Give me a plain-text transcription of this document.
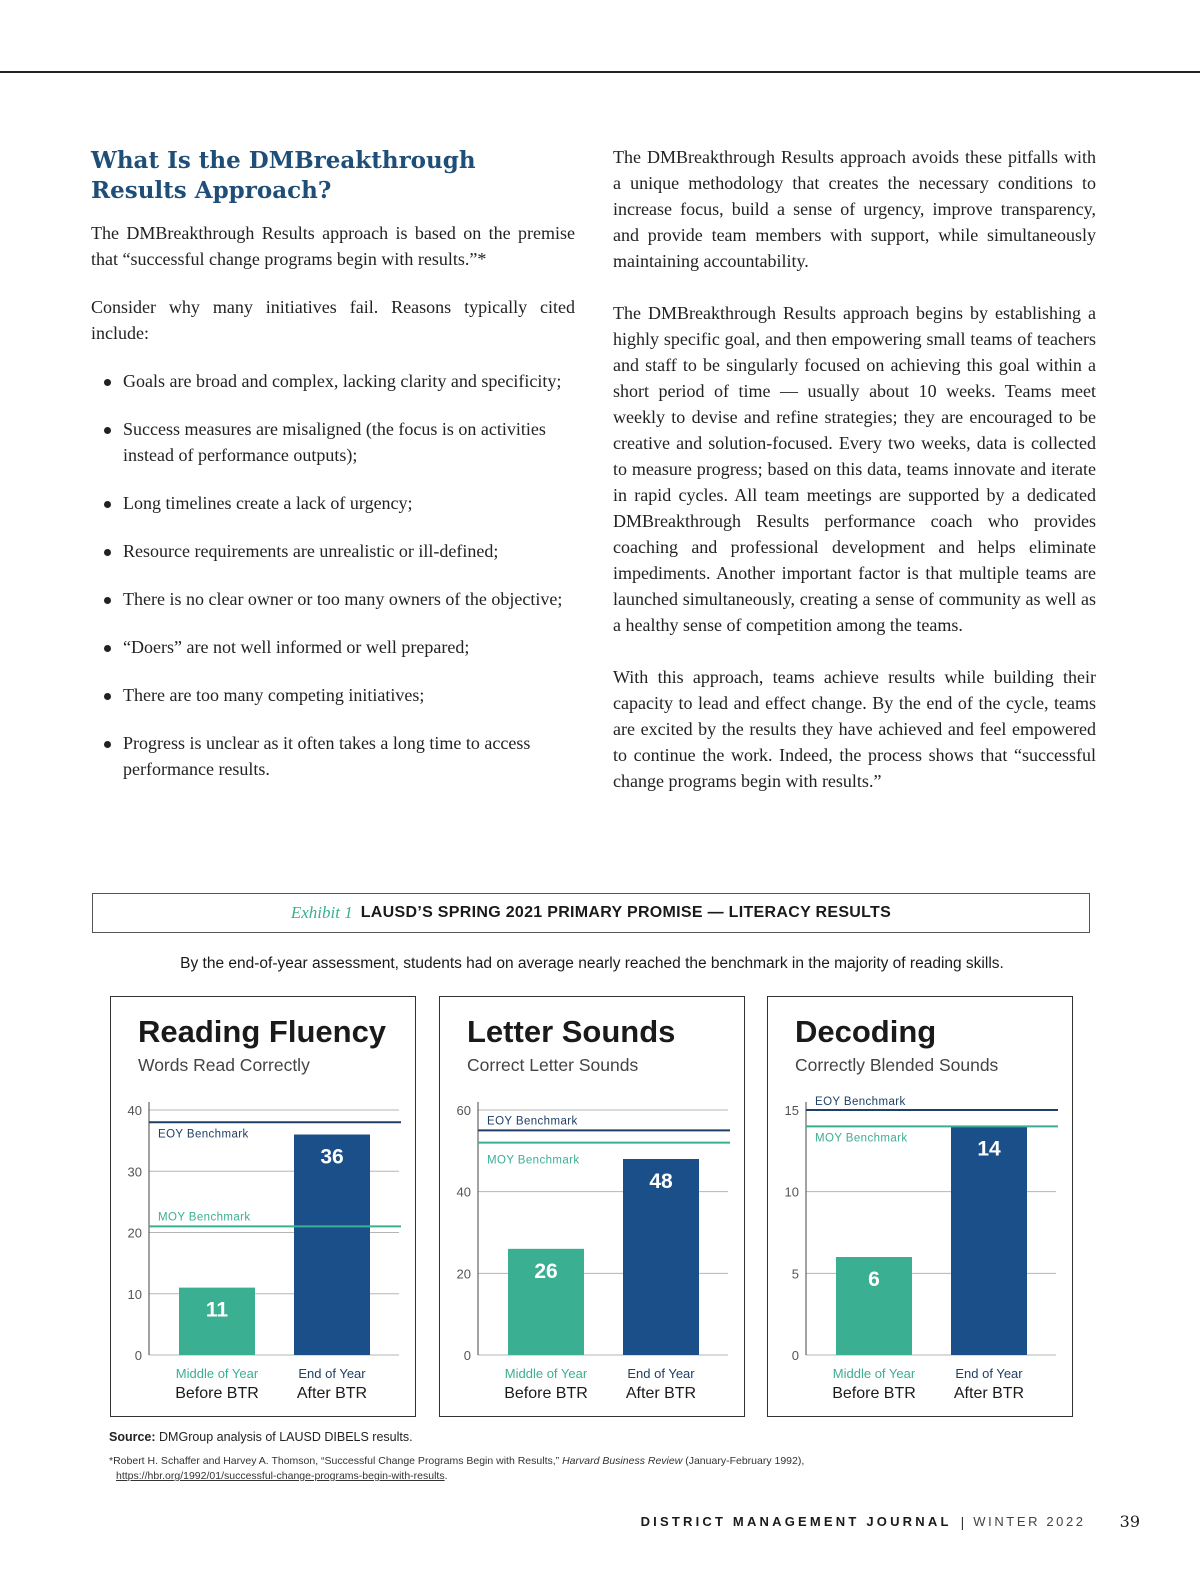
What Is the DMBreakthrough Results Approach?

The DMBreakthrough Results approach is based on the premise that “successful change programs begin with results.”*

Consider why many initiatives fail. Reasons typically cited include:

Goals are broad and complex, lacking clarity and specificity;
Success measures are misaligned (the focus is on activities instead of performance outputs);
Long timelines create a lack of urgency;
Resource requirements are unrealistic or ill-defined;
There is no clear owner or too many owners of the objective;
“Doers” are not well informed or well prepared;
There are too many competing initiatives;
Progress is unclear as it often takes a long time to access performance results.

The DMBreakthrough Results approach avoids these pitfalls with a unique methodology that creates the necessary conditions to increase focus, build a sense of urgency, improve transparency, and provide team members with support, while simultaneously maintaining accountability.

The DMBreakthrough Results approach begins by establishing a highly specific goal, and then empowering small teams of teachers and staff to be singularly focused on achieving this goal within a short period of time — usually about 10 weeks. Teams meet weekly to devise and refine strategies; they are encouraged to be creative and solution-focused. Every two weeks, data is collected to measure progress; based on this data, teams innovate and iterate in rapid cycles. All team meetings are supported by a dedicated DMBreakthrough Results performance coach who provides coaching and professional development and helps eliminate impediments. Another important factor is that multiple teams are launched simultaneously, creating a sense of community as well as a healthy sense of competition among the teams.

With this approach, teams achieve results while building their capacity to lead and effect change. By the end of the cycle, teams are excited by the results they have achieved and feel empowered to continue the work. Indeed, the process shows that “successful change programs begin with results.”

Exhibit 1 LAUSD’S SPRING 2021 PRIMARY PROMISE — LITERACY RESULTS
By the end-of-year assessment, students had on average nearly reached the benchmark in the majority of reading skills.
0
10
20
30
40
11
Middle of Year
Before BTR
36
End of Year
After BTR
EOY Benchmark
MOY Benchmark
Reading Fluency

Words Read Correctly

0
20
40
60
26
Middle of Year
Before BTR
48
End of Year
After BTR
EOY Benchmark
MOY Benchmark
Letter Sounds

Correct Letter Sounds

0
5
10
15
6
Middle of Year
Before BTR
14
End of Year
After BTR
EOY Benchmark
MOY Benchmark
Decoding

Correctly Blended Sounds

Source: DMGroup analysis of LAUSD DIBELS results.
*Robert H. Schaffer and Harvey A. Thomson, “Successful Change Programs Begin with Results,” Harvard Business Review (January-February 1992),
https://hbr.org/1992/01/successful-change-programs-begin-with-results.
DISTRICT MANAGEMENT JOURNAL | WINTER 2022 39
